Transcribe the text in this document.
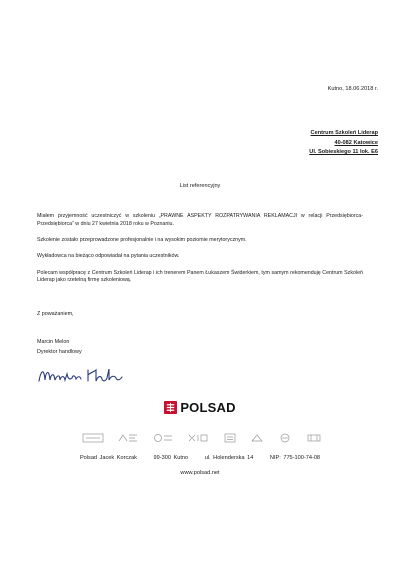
Kutno, 18.06.2018 r.
Centrum Szkoleń Liderap
40-082 Katowice
Ul. Sobieskiego 11 lok. E6
List referencyjny

Miałem przyjemność uczestniczyć w szkoleniu „PRAWNE ASPEKTY ROZPATRYWANIA REKLAMACJI w relacji Przedsiębiorca-Przedsiębiorca” w dniu 27 kwietnia 2018 roku w Poznaniu.

Szkolenie zostało przeprowadzone profesjonalnie i na wysokim poziomie merytorycznym.

Wykładowca na bieżąco odpowiadał na pytania uczestników.

Polecam współpracę z Centrum Szkoleń Liderap i ich trenerem Panem Łukaszem Świderkiem, tym samym rekomenduję Centrum Szkoleń Liderap jako rzetelną firmę szkoleniową.

Z poważaniem,
Marcin Melon
Dyrektor handlowy
POLSAD
Polsad Jacek Korczak	99-300 Kutno	ul. Holenderska 14	NIP: 775-100-74-08
www.polsad.net
